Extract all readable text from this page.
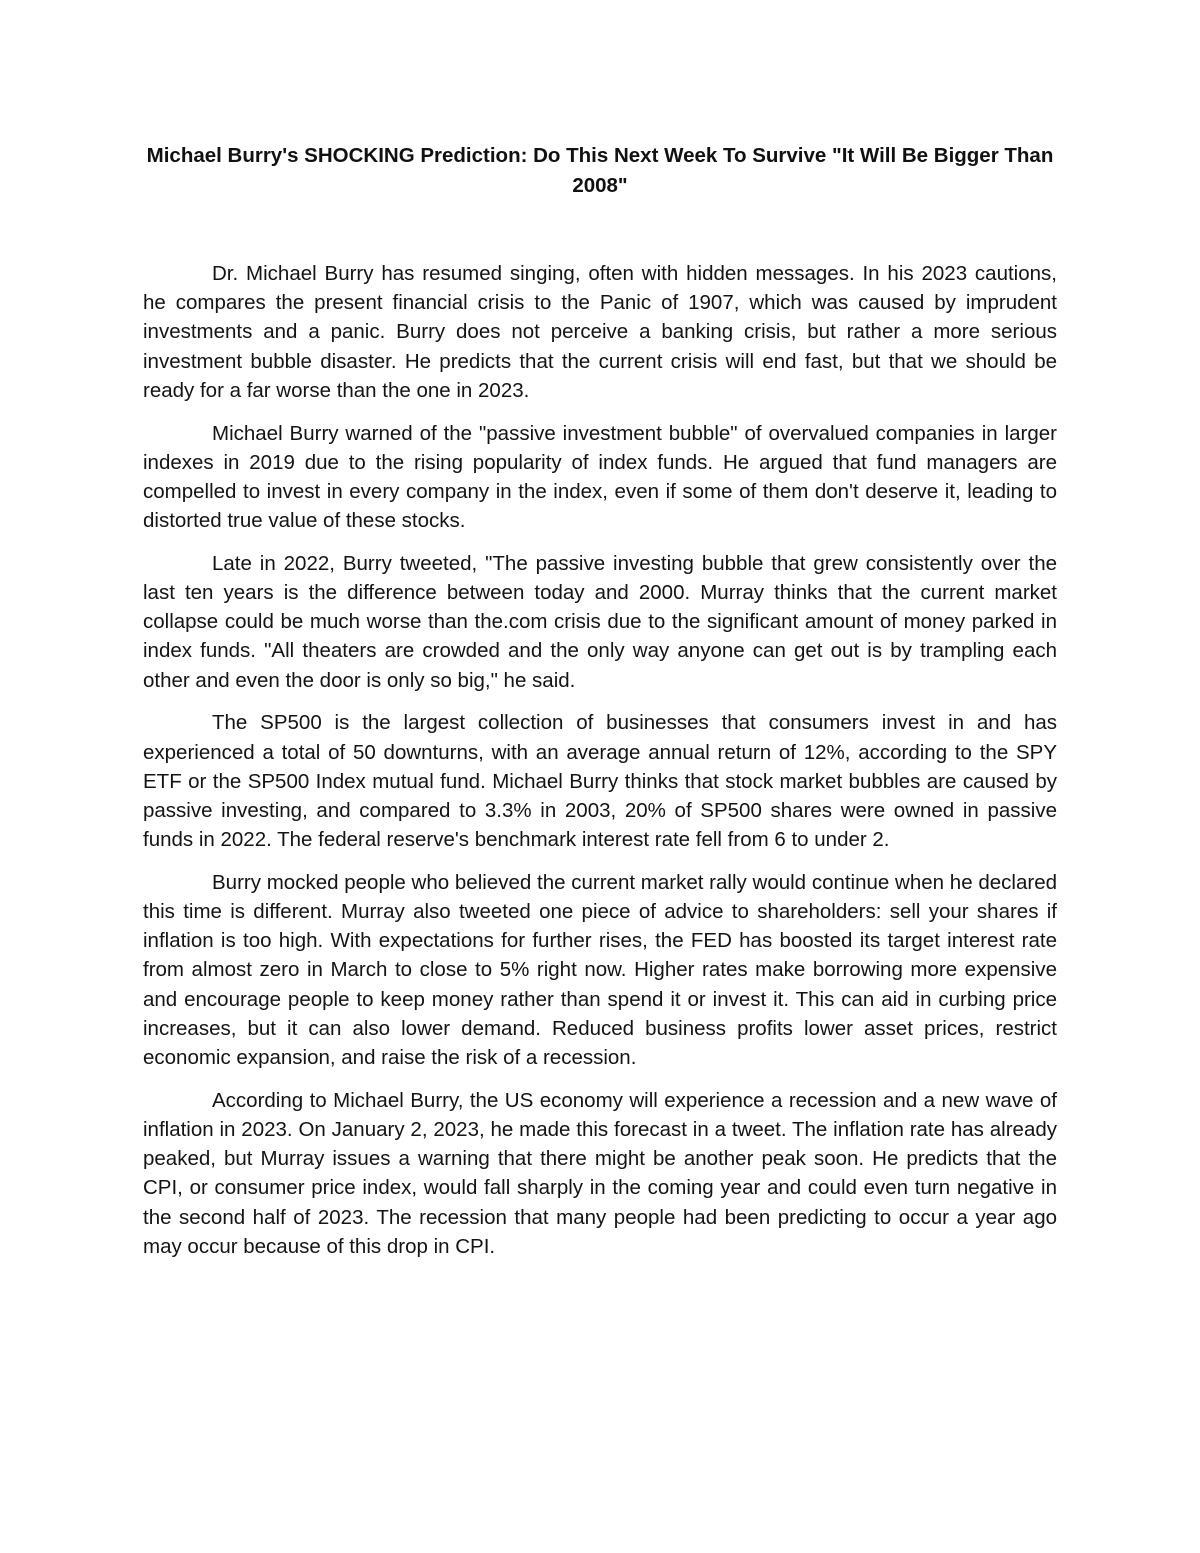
Michael Burry's SHOCKING Prediction: Do This Next Week To Survive "It Will Be Bigger Than 2008"

Dr. Michael Burry has resumed singing, often with hidden messages. In his 2023 cautions, he compares the present financial crisis to the Panic of 1907, which was caused by imprudent investments and a panic. Burry does not perceive a banking crisis, but rather a more serious investment bubble disaster. He predicts that the current crisis will end fast, but that we should be ready for a far worse than the one in 2023.

Michael Burry warned of the "passive investment bubble" of overvalued companies in larger indexes in 2019 due to the rising popularity of index funds. He argued that fund managers are compelled to invest in every company in the index, even if some of them don't deserve it, leading to distorted true value of these stocks.

Late in 2022, Burry tweeted, "The passive investing bubble that grew consistently over the last ten years is the difference between today and 2000. Murray thinks that the current market collapse could be much worse than the.com crisis due to the significant amount of money parked in index funds. "All theaters are crowded and the only way anyone can get out is by trampling each other and even the door is only so big," he said.

The SP500 is the largest collection of businesses that consumers invest in and has experienced a total of 50 downturns, with an average annual return of 12%, according to the SPY ETF or the SP500 Index mutual fund. Michael Burry thinks that stock market bubbles are caused by passive investing, and compared to 3.3% in 2003, 20% of SP500 shares were owned in passive funds in 2022. The federal reserve's benchmark interest rate fell from 6 to under 2.

Burry mocked people who believed the current market rally would continue when he declared this time is different. Murray also tweeted one piece of advice to shareholders: sell your shares if inflation is too high. With expectations for further rises, the FED has boosted its target interest rate from almost zero in March to close to 5% right now. Higher rates make borrowing more expensive and encourage people to keep money rather than spend it or invest it. This can aid in curbing price increases, but it can also lower demand. Reduced business profits lower asset prices, restrict economic expansion, and raise the risk of a recession.

According to Michael Burry, the US economy will experience a recession and a new wave of inflation in 2023. On January 2, 2023, he made this forecast in a tweet. The inflation rate has already peaked, but Murray issues a warning that there might be another peak soon. He predicts that the CPI, or consumer price index, would fall sharply in the coming year and could even turn negative in the second half of 2023. The recession that many people had been predicting to occur a year ago may occur because of this drop in CPI.
